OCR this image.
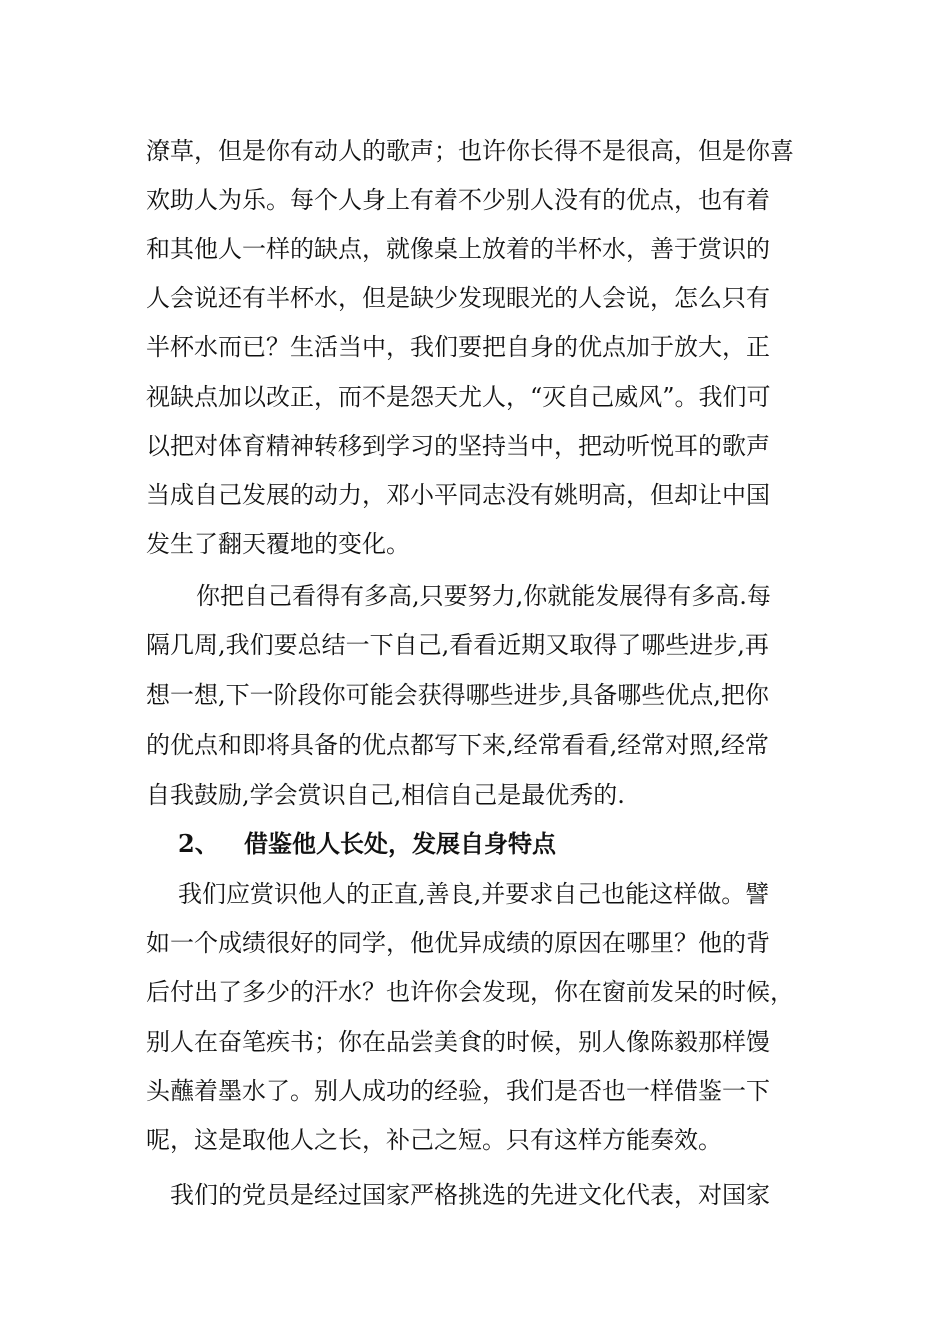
潦草，但是你有动人的歌声；也许你长得不是很高，但是你喜

欢助人为乐。每个人身上有着不少别人没有的优点，也有着

和其他人一样的缺点，就像桌上放着的半杯水，善于赏识的

人会说还有半杯水，但是缺少发现眼光的人会说，怎么只有

半杯水而已？生活当中，我们要把自身的优点加于放大，正

视缺点加以改正，而不是怨天尤人，“灭自己威风”。我们可

以把对体育精神转移到学习的坚持当中，把动听悦耳的歌声

当成自己发展的动力，邓小平同志没有姚明高，但却让中国

发生了翻天覆地的变化。

你把自己看得有多高,只要努力,你就能发展得有多高.每

隔几周,我们要总结一下自己,看看近期又取得了哪些进步,再

想一想,下一阶段你可能会获得哪些进步,具备哪些优点,把你

的优点和即将具备的优点都写下来,经常看看,经常对照,经常

自我鼓励,学会赏识自己,相信自己是最优秀的.

2、 借鉴他人长处，发展自身特点

我们应赏识他人的正直,善良,并要求自己也能这样做。譬

如一个成绩很好的同学，他优异成绩的原因在哪里？他的背

后付出了多少的汗水？也许你会发现，你在窗前发呆的时候，

别人在奋笔疾书；你在品尝美食的时候，别人像陈毅那样馒

头蘸着墨水了。别人成功的经验，我们是否也一样借鉴一下

呢，这是取他人之长，补己之短。只有这样方能奏效。

我们的党员是经过国家严格挑选的先进文化代表，对国家
